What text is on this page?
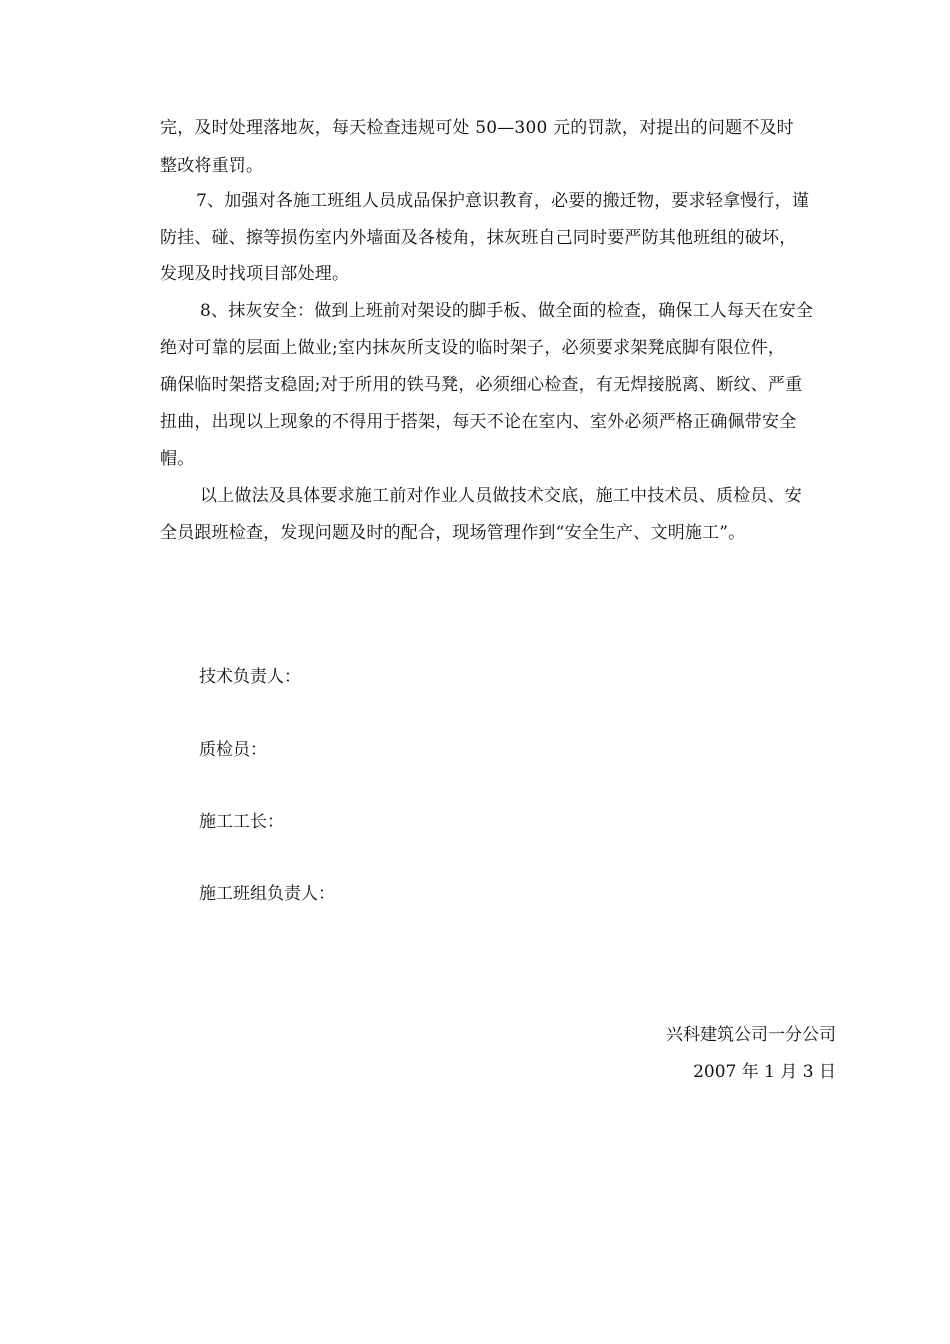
完，及时处理落地灰，每天检查违规可处 50—300 元的罚款，对提出的问题不及时
整改将重罚。
7、加强对各施工班组人员成品保护意识教育，必要的搬迁物，要求轻拿慢行，谨
防挂、碰、擦等损伤室内外墙面及各棱角，抹灰班自己同时要严防其他班组的破坏，
发现及时找项目部处理。
8、抹灰安全：做到上班前对架设的脚手板、做全面的检查，确保工人每天在安全
绝对可靠的层面上做业;室内抹灰所支设的临时架子，必须要求架凳底脚有限位件，
确保临时架搭支稳固;对于所用的铁马凳，必须细心检查，有无焊接脱离、断纹、严重
扭曲，出现以上现象的不得用于搭架，每天不论在室内、室外必须严格正确佩带安全
帽。
以上做法及具体要求施工前对作业人员做技术交底，施工中技术员、质检员、安
全员跟班检查，发现问题及时的配合，现场管理作到“安全生产、文明施工”。
技术负责人：
质检员：
施工工长：
施工班组负责人：
兴科建筑公司一分公司
2007 年 1 月 3 日
